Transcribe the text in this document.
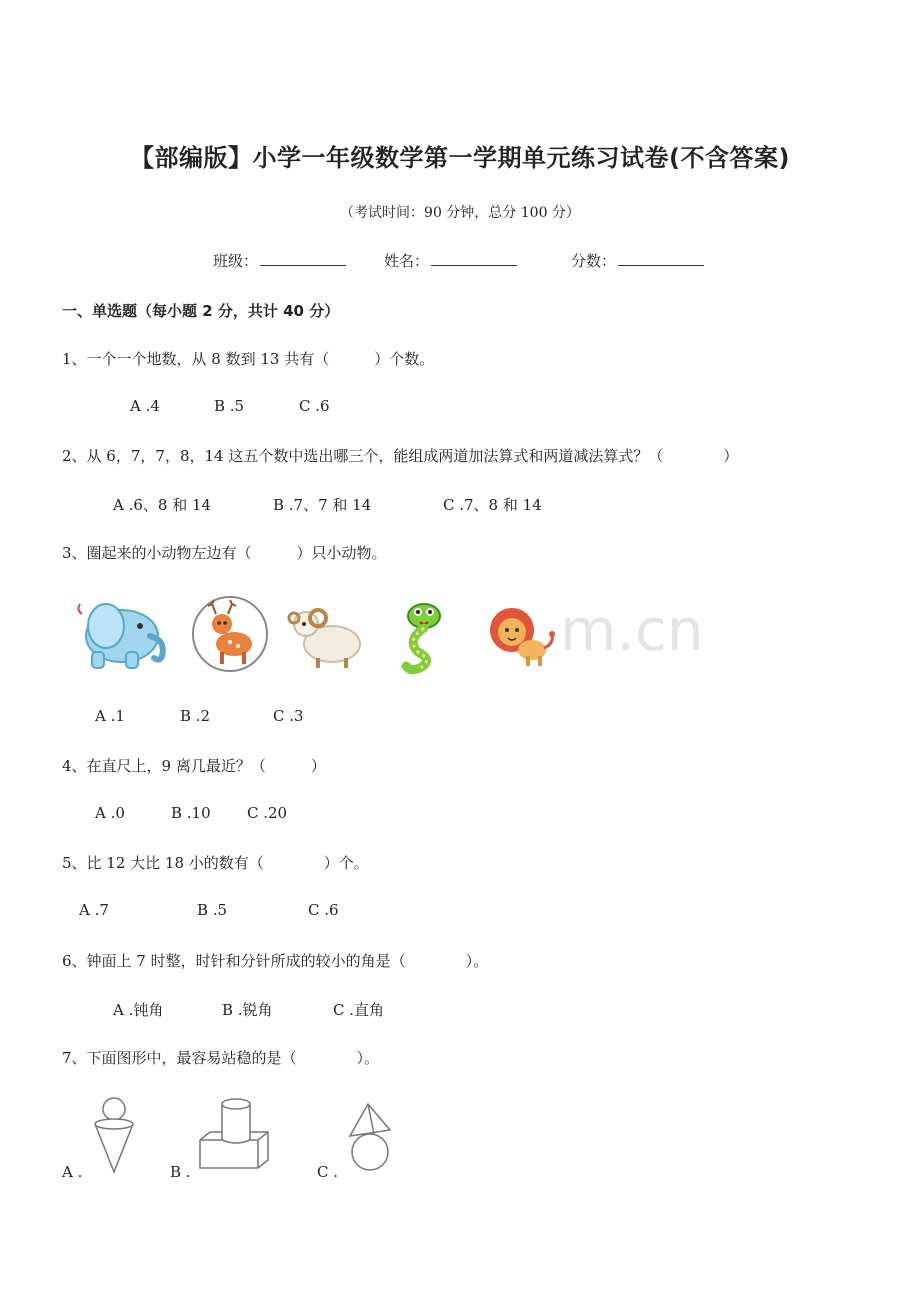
【部编版】小学一年级数学第一学期单元练习试卷(不含答案)
（考试时间：90 分钟，总分 100 分）
班级：	姓名：	分数：
一、单选题（每小题 2 分，共计 40 分）
1、一个一个地数，从 8 数到 13 共有（　　　）个数。
A .4	B .5	C .6
2、从 6，7，7，8，14 这五个数中选出哪三个，能组成两道加法算式和两道减法算式？（　　　　）
A .6、8 和 14	B .7、7 和 14	C .7、8 和 14
3、圈起来的小动物左边有（　　　）只小动物。
m.cn
A .1	B .2	C .3
4、在直尺上，9 离几最近？（　　　）
A .0	B .10 C .20
5、比 12 大比 18 小的数有（　　　　）个。
A .7	B .5	C .6
6、钟面上 7 时整，时针和分针所成的较小的角是（　　　　）。
A .钝角	B .锐角	C .直角
7、下面图形中，最容易站稳的是（　　　　）。
A .	B .	C .
